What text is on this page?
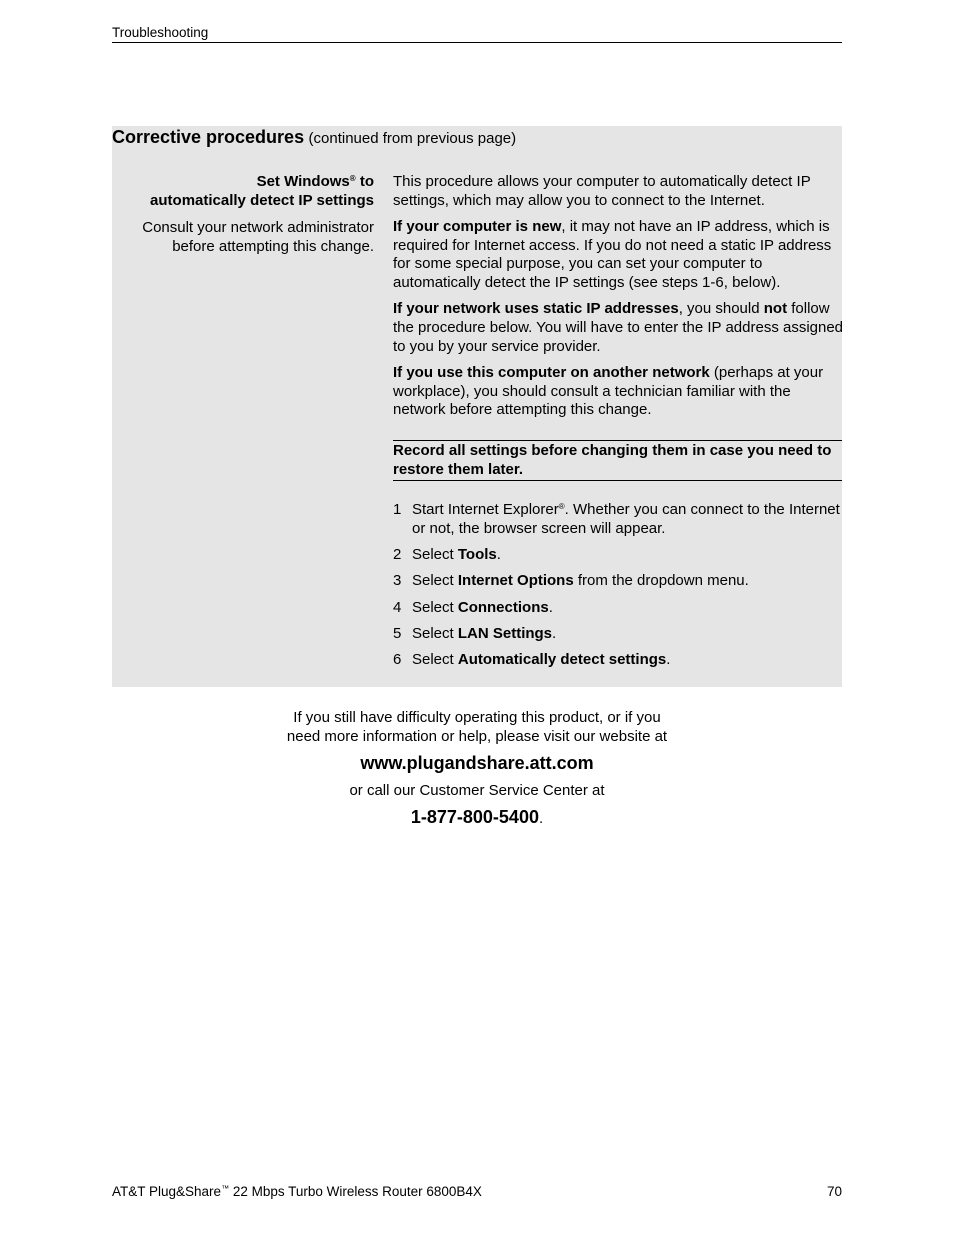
Troubleshooting
Corrective procedures (continued from previous page)
Set Windows® to
automatically detect IP settings
Consult your network administrator
before attempting this change.

This procedure allows your computer to automatically detect IP settings, which may allow you to connect to the Internet.

If your computer is new, it may not have an IP address, which is required for Internet access. If you do not need a static IP address for some special purpose, you can set your computer to automatically detect the IP settings (see steps 1-6, below).

If your network uses static IP addresses, you should not follow the procedure below. You will have to enter the IP address assigned to you by your service provider.

If you use this computer on another network (perhaps at your workplace), you should consult a technician familiar with the network before attempting this change.

Record all settings before changing them in case you need to restore them later.
1 Start Internet Explorer®. Whether you can connect to the Internet or not, the browser screen will appear.
2 Select Tools.
3 Select Internet Options from the dropdown menu.
4 Select Connections.
5 Select LAN Settings.
6 Select Automatically detect settings.

If you still have difficulty operating this product, or if you

need more information or help, please visit our website at

www.plugandshare.att.com

or call our Customer Service Center at

1-877-800-5400.

AT&T Plug&Share™ 22 Mbps Turbo Wireless Router 6800B4X	70
